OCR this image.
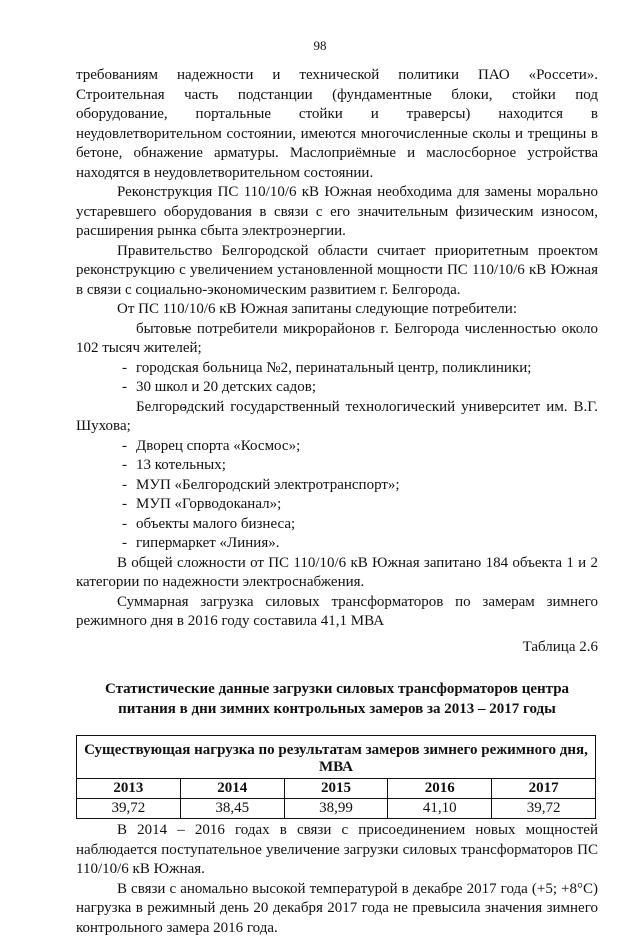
98

требованиям надежности и технической политики ПАО «Россети». Строительная часть подстанции (фундаментные блоки, стойки под оборудование, портальные стойки и траверсы) находится в неудовлетворительном состоянии, имеются многочисленные сколы и трещины в бетоне, обнажение арматуры. Маслоприёмные и маслосборное устройства находятся в неудовлетворительном состоянии.

Реконструкция ПС 110/10/6 кВ Южная необходима для замены морально устаревшего оборудования в связи с его значительным физическим износом, расширения рынка сбыта электроэнергии.

Правительство Белгородской области считает приоритетным проектом реконструкцию с увеличением установленной мощности ПС 110/10/6 кВ Южная в связи с социально-экономическим развитием г. Белгорода.

От ПС 110/10/6 кВ Южная запитаны следующие потребители:

- бытовые потребители микрорайонов г. Белгорода численностью около 102 тысяч жителей;
- городская больница №2, перинатальный центр, поликлиники;
- 30 школ и 20 детских садов;
- Белгородский государственный технологический университет им. В.Г. Шухова;
- Дворец спорта «Космос»;
- 13 котельных;
- МУП «Белгородский электротранспорт»;
- МУП «Горводоканал»;
- объекты малого бизнеса;
- гипермаркет «Линия».

В общей сложности от ПС 110/10/6 кВ Южная запитано 184 объекта 1 и 2 категории по надежности электроснабжения.

Суммарная загрузка силовых трансформаторов по замерам зимнего режимного дня в 2016 году составила 41,1 МВА

Таблица 2.6
Статистические данные загрузки силовых трансформаторов центра питания в дни зимних контрольных замеров за 2013 – 2017 годы
Существующая нагрузка по результатам замеров зимнего режимного дня, МВА				
2013	2014	2015	2016	2017
39,72	38,45	38,99	41,10	39,72

В 2014 – 2016 годах в связи с присоединением новых мощностей наблюдается поступательное увеличение загрузки силовых трансформаторов ПС 110/10/6 кВ Южная.

В связи с аномально высокой температурой в декабре 2017 года (+5; +8°С) нагрузка в режимный день 20 декабря 2017 года не превысила значения зимнего контрольного замера 2016 года.
